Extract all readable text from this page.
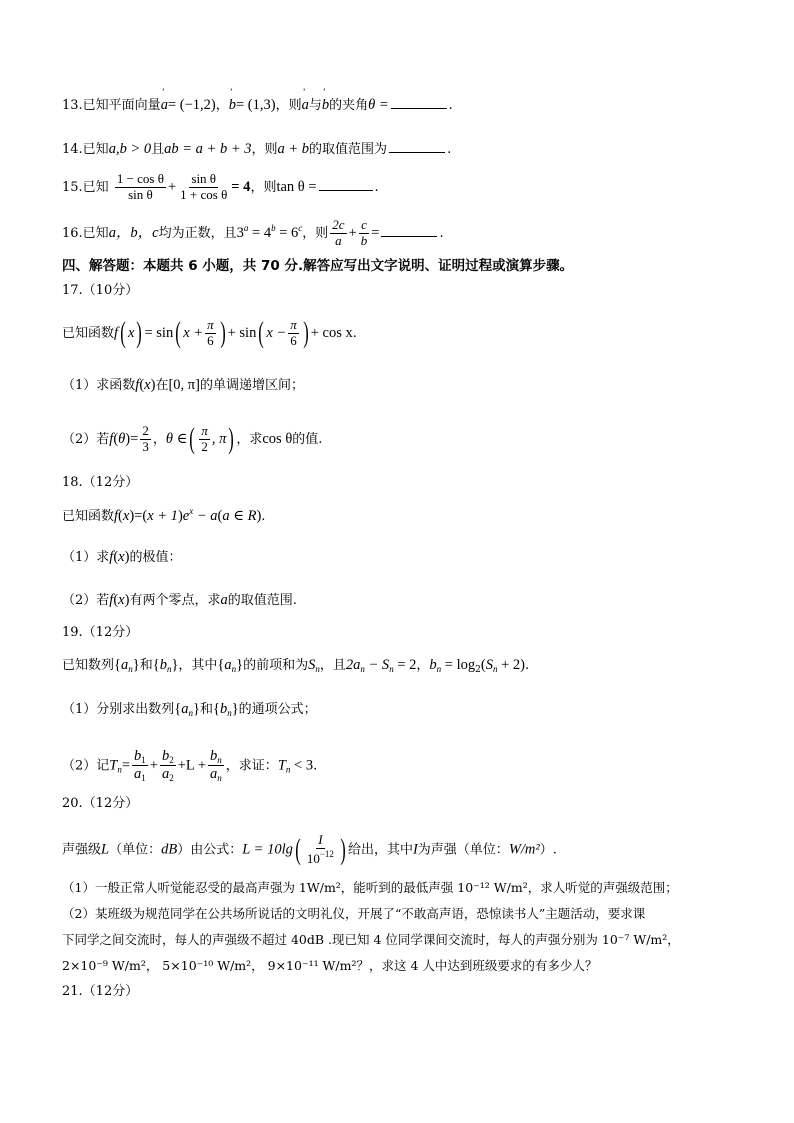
13.已知平面向量’ a= (−1,2)，’ b= (1,3)，则’ a与’ b的夹角θ =	.
14.已知a,b > 0且ab = a + b + 3，则a + b的取值范围为	.
15.已知 $\frac{\text{1 − cos θ}}{\text{sin θ}} + \frac{\text{sin θ}}{\text{1 + cos θ}} = 4$，则tan θ =	.
16.已知a，b，c均为正数，且$3^a = 4^b = 6^c$，则 $\frac{2c}{a} + \frac{c}{b}$ =	.
四、解答题：本题共 6 小题，共 70 分.解答应写出文字说明、证明过程或演算步骤。
17.（10分）
已知函数f( x) = sin( $x + \frac{\pi}{6}$ ) + sin( $x - \frac{\pi}{6}$ ) + cos x.
（1）求函数f(x)在[0, π]的单调递增区间；
（2）若$f(\theta)= \frac{2}{3}$ ，θ ∈( $\frac{\pi}{2}$ , π) ，求cos θ的值.
18.（12分）
已知函数$f(x)=(x + 1)e^x - a(a$ ∈ R).
（1）求f(x)的极值：
（2）若f(x)有两个零点，求a的取值范围.
19.（12分）
已知数列$\{a_n\}$和$\{b_n\}$，其中$\{a_n\}$的前项和为$S_n$，且$2a_n - S_n = 2$，$b_n = \log_2(S_n + 2)$.
（1）分别求出数列$\{a_n\}$和$\{b_n\}$的通项公式；
（2）记$T_n= \frac{b_1}{a_1} + \frac{b_2}{a_2} +L + \frac{b_n}{a_n}$ ，求证：$T_n < 3$.
20.（12分）
声强级L（单位：dB）由公式：$L = 10\lg( \frac{I}{10^{-12}}$ ) 给出，其中I为声强（单位：W/m²）.
（1）一般正常人听觉能忍受的最高声强为 1W/m²，能听到的最低声强 10⁻¹² W/m²，求人听觉的声强级范围；
（2）某班级为规范同学在公共场所说话的文明礼仪，开展了“不敢高声语，恐惊读书人”主题活动，要求课
下同学之间交流时，每人的声强级不超过 40dB .现已知 4 位同学课间交流时，每人的声强分别为 10⁻⁷ W/m²，
2×10⁻⁹ W/m²， 5×10⁻¹⁰ W/m²， 9×10⁻¹¹ W/m²？，求这 4 人中达到班级要求的有多少人？
21.（12分）
